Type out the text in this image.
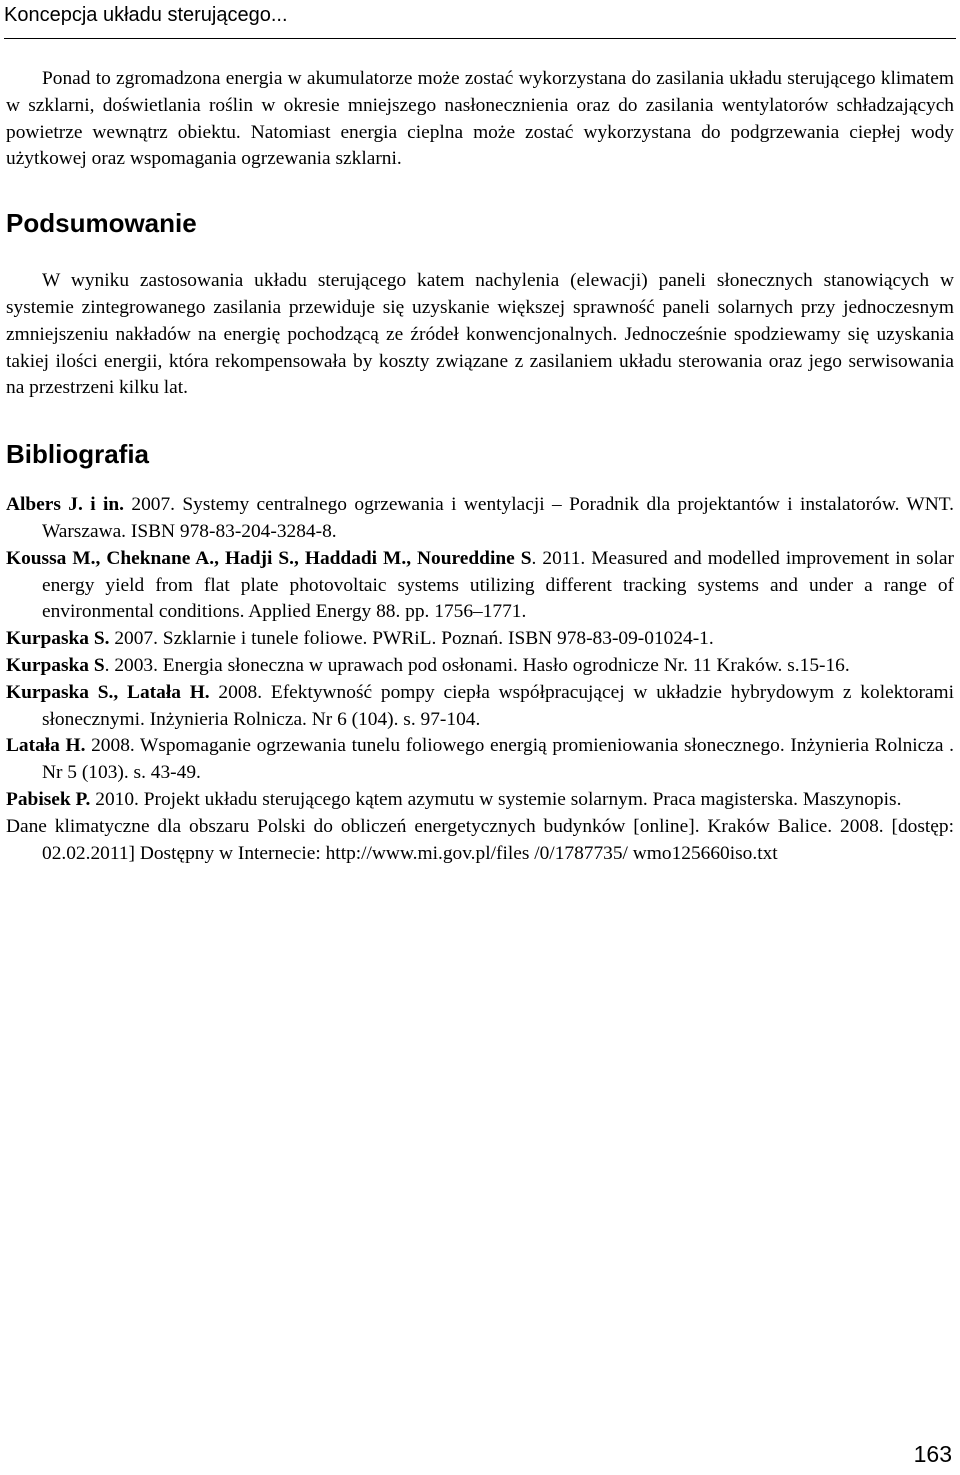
Koncepcja układu sterującego...

Ponad to zgromadzona energia w akumulatorze może zostać wykorzystana do zasilania układu sterującego klimatem w szklarni, doświetlania roślin w okresie mniejszego nasłonecznienia oraz do zasilania wentylatorów schładzających powietrze wewnątrz obiektu. Natomiast energia cieplna może zostać wykorzystana do podgrzewania ciepłej wody użytkowej oraz wspomagania ogrzewania szklarni.

Podsumowanie

W wyniku zastosowania układu sterującego katem nachylenia (elewacji) paneli słonecznych stanowiących w systemie zintegrowanego zasilania przewiduje się uzyskanie większej sprawność paneli solarnych przy jednoczesnym zmniejszeniu nakładów na energię pochodzącą ze źródeł konwencjonalnych. Jednocześnie spodziewamy się uzyskania takiej ilości energii, która rekompensowała by koszty związane z zasilaniem układu sterowania oraz jego serwisowania na przestrzeni kilku lat.

Bibliografia
Albers J. i in. 2007. Systemy centralnego ogrzewania i wentylacji – Poradnik dla projektantów i instalatorów. WNT. Warszawa. ISBN 978-83-204-3284-8.
Koussa M., Cheknane A., Hadji S., Haddadi M., Noureddine S. 2011. Measured and modelled improvement in solar energy yield from flat plate photovoltaic systems utilizing different tracking systems and under a range of environmental conditions. Applied Energy 88. pp. 1756–1771.
Kurpaska S. 2007. Szklarnie i tunele foliowe. PWRiL. Poznań. ISBN 978-83-09-01024-1.
Kurpaska S. 2003. Energia słoneczna w uprawach pod osłonami. Hasło ogrodnicze Nr. 11 Kraków. s.15-16.
Kurpaska S., Latała H. 2008. Efektywność pompy ciepła współpracującej w układzie hybrydowym z kolektorami słonecznymi. Inżynieria Rolnicza. Nr 6 (104). s. 97-104.
Latała H. 2008. Wspomaganie ogrzewania tunelu foliowego energią promieniowania słonecznego. Inżynieria Rolnicza . Nr 5 (103). s. 43-49.
Pabisek P. 2010. Projekt układu sterującego kątem azymutu w systemie solarnym. Praca magisterska. Maszynopis.
Dane klimatyczne dla obszaru Polski do obliczeń energetycznych budynków [online]. Kraków Balice. 2008. [dostęp: 02.02.2011] Dostępny w Internecie: http://www.mi.gov.pl/files /0/1787735/ wmo125660iso.txt
163
